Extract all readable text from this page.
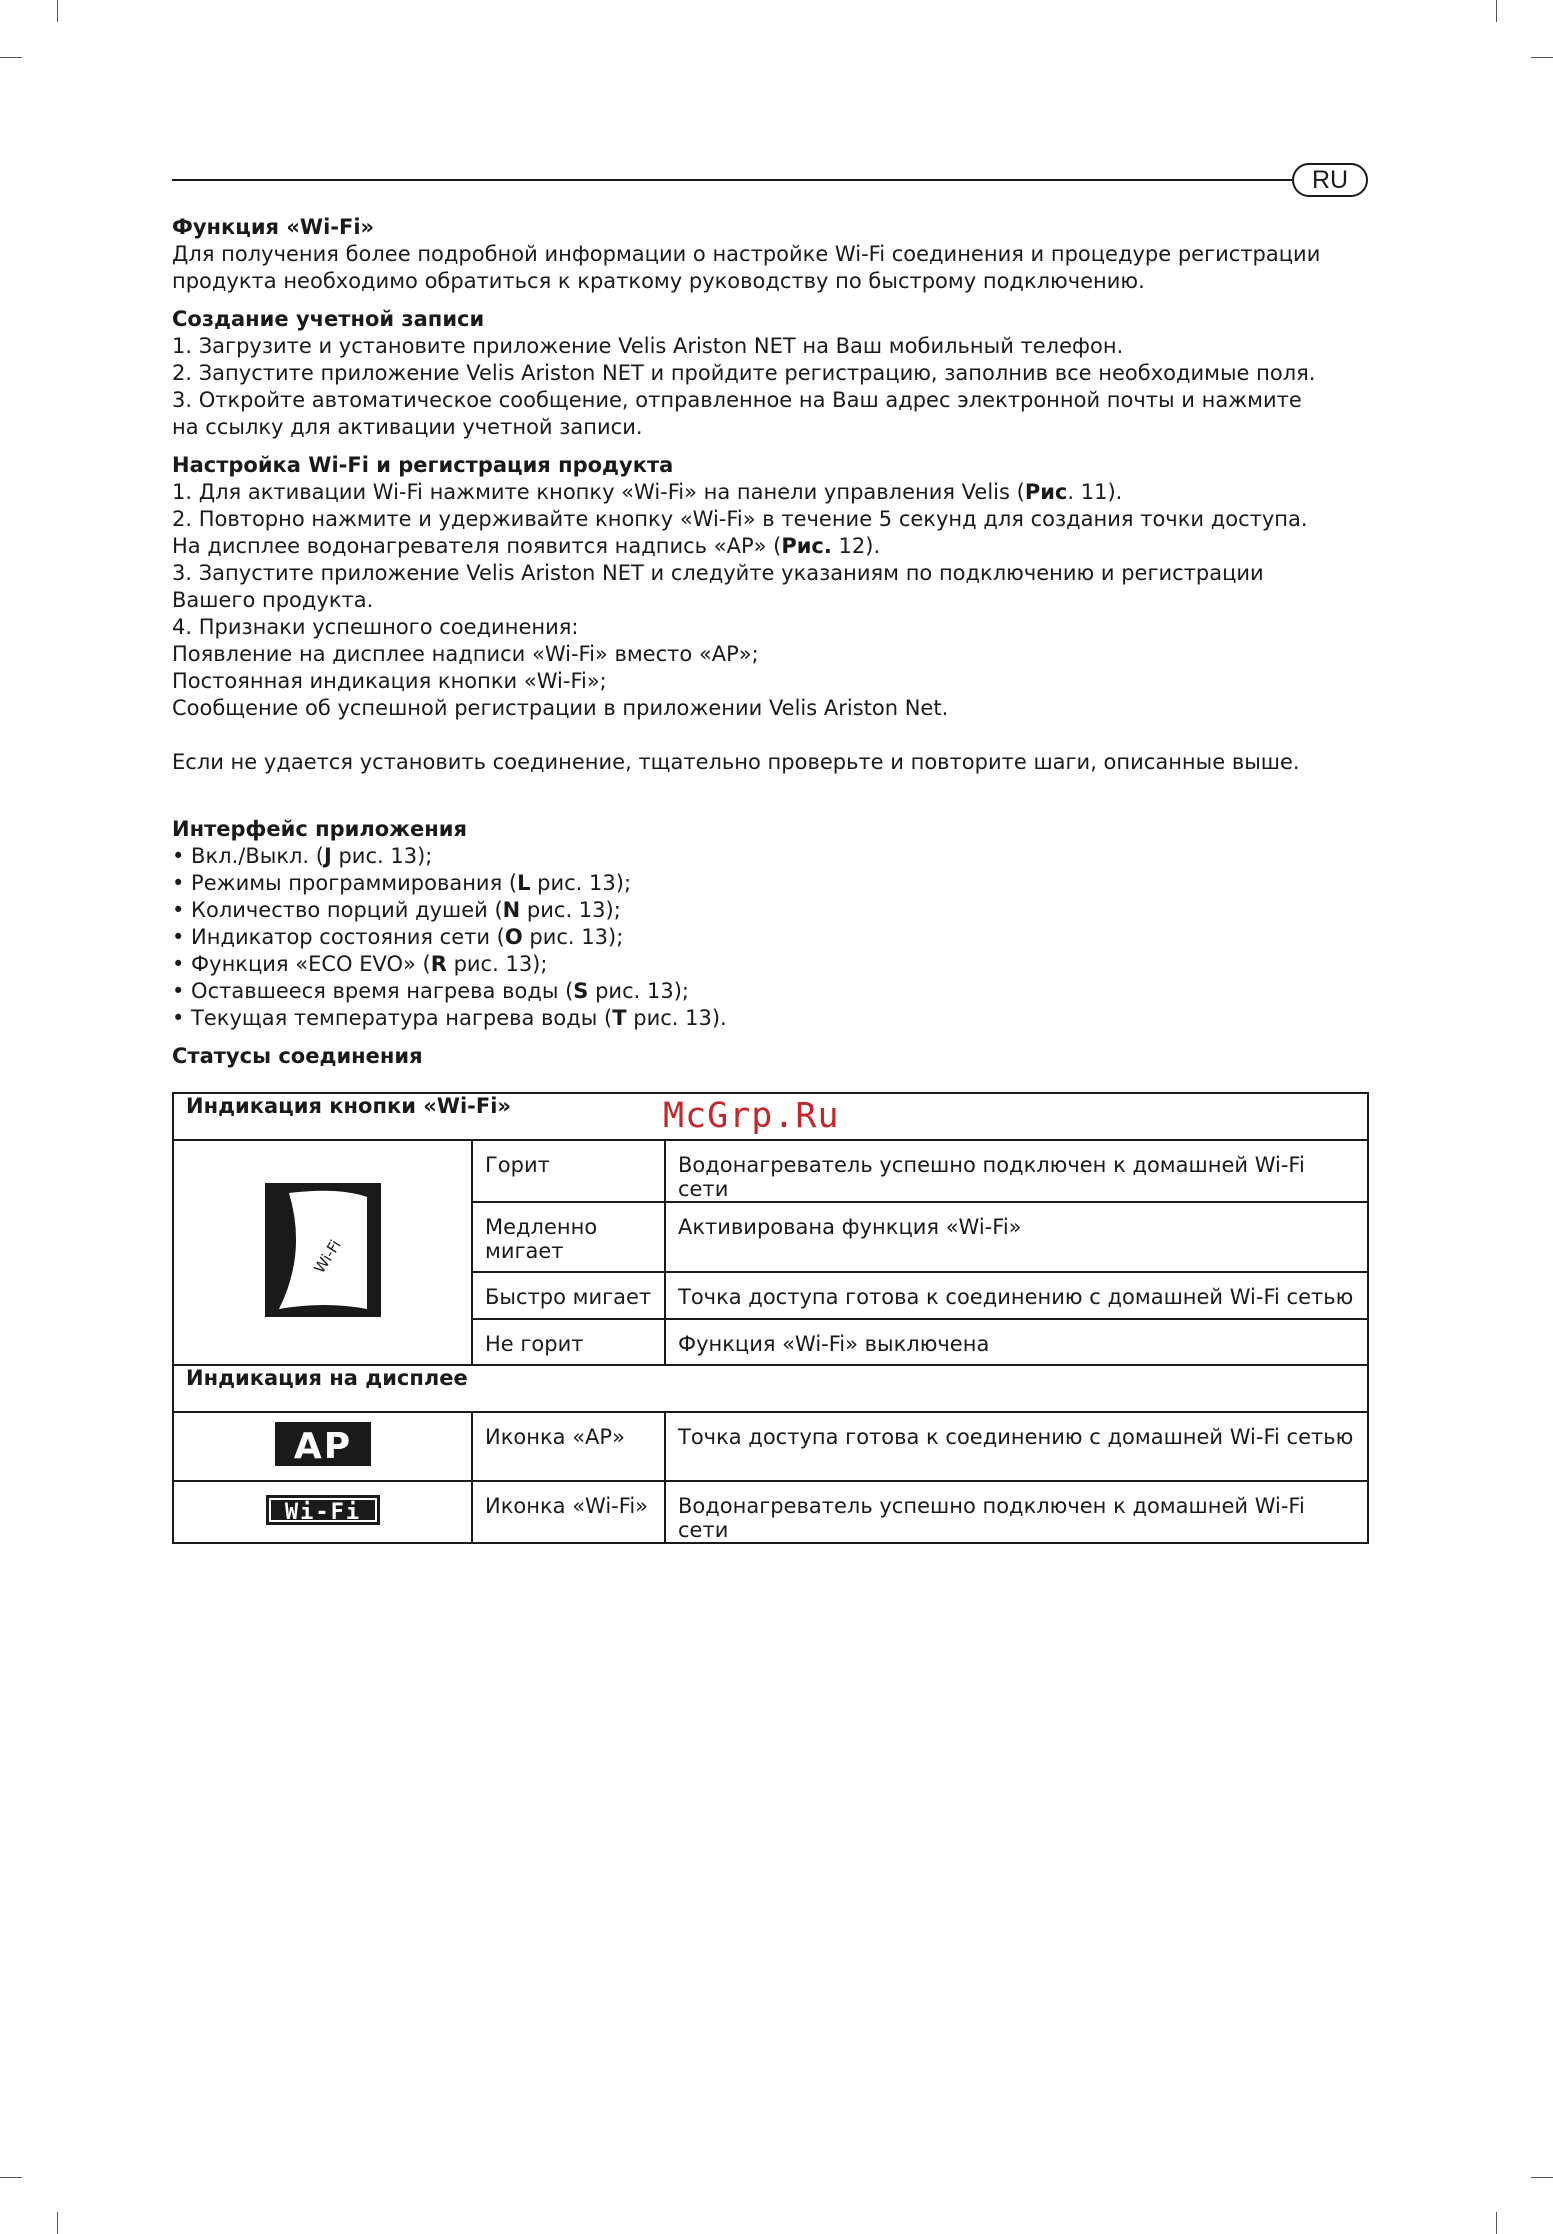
RU
Функция «Wi-Fi»

Для получения более подробной информации о настройке Wi-Fi соединения и процедуре регистрации

продукта необходимо обратиться к краткому руководству по быстрому подключению.

Создание учетной записи

1. Загрузите и установите приложение Velis Ariston NET на Ваш мобильный телефон.

2. Запустите приложение Velis Ariston NET и пройдите регистрацию, заполнив все необходимые поля.

3. Откройте автоматическое сообщение, отправленное на Ваш адрес электронной почты и нажмите

на ссылку для активации учетной записи.

Настройка Wi-Fi и регистрация продукта

1. Для активации Wi-Fi нажмите кнопку «Wi-Fi» на панели управления Velis (Рис. 11).

2. Повторно нажмите и удерживайте кнопку «Wi-Fi» в течение 5 секунд для создания точки доступа.

На дисплее водонагревателя появится надпись «AP» (Рис. 12).

3. Запустите приложение Velis Ariston NET и следуйте указаниям по подключению и регистрации

Вашего продукта.

4. Признаки успешного соединения:

Появление на дисплее надписи «Wi-Fi» вместо «AP»;

Постоянная индикация кнопки «Wi-Fi»;

Сообщение об успешной регистрации в приложении Velis Ariston Net.

Если не удается установить соединение, тщательно проверьте и повторите шаги, описанные выше.

Интерфейс приложения

• Вкл./Выкл. (J рис. 13);

• Режимы программирования (L рис. 13);

• Количество порций душей (N рис. 13);

• Индикатор состояния сети (O рис. 13);

• Функция «ECO EVO» (R рис. 13);

• Оставшееся время нагрева воды (S рис. 13);

• Текущая температура нагрева воды (T рис. 13).

Статусы соединения
Индикация кнопки «Wi-Fi»		

Wi-Fi	Горит	Водонагреватель успешно подключен к домашней Wi-Fi сети
	Медленно мигает	Активирована функция «Wi-Fi»
	Быстро мигает	Точка доступа готова к соединению с домашней Wi-Fi сетью
	Не горит	Функция «Wi-Fi» выключена
Индикация на дисплее		

AP	Иконка «AP»	Точка доступа готова к соединению с домашней Wi-Fi сетью

Wi-Fi	Иконка «Wi-Fi»	Водонагреватель успешно подключен к домашней Wi-Fi сети
McGrp.Ru
